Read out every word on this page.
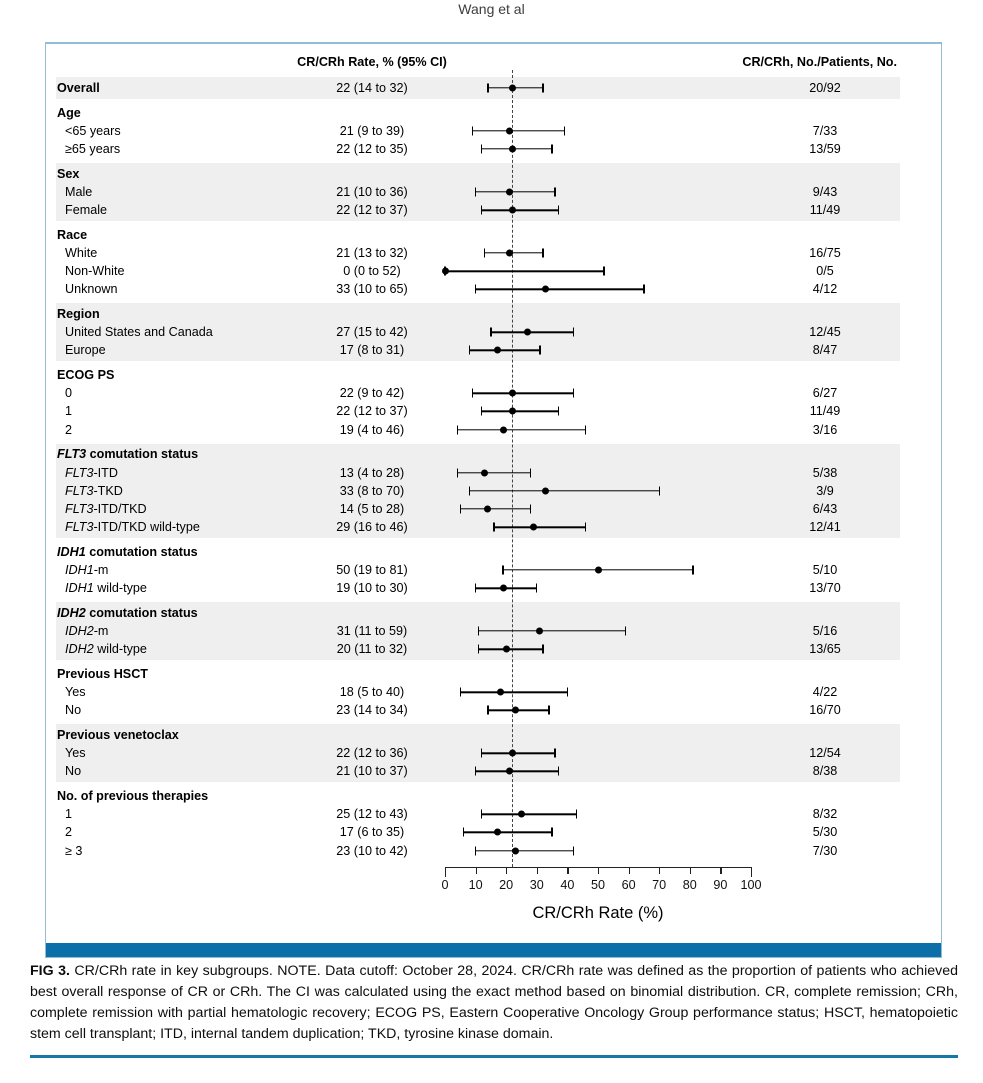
Wang et al
CR/CRh Rate, % (95% CI)	CR/CRh, No./Patients, No.
Overall	22 (14 to 32)	20/92
Age
<65 years	21 (9 to 39)	7/33
≥65 years	22 (12 to 35)	13/59
Sex
Male	21 (10 to 36)	9/43
Female	22 (12 to 37)	11/49
Race
White	21 (13 to 32)	16/75
Non-White	0 (0 to 52)	0/5
Unknown	33 (10 to 65)	4/12
Region
United States and Canada	27 (15 to 42)	12/45
Europe	17 (8 to 31)	8/47
ECOG PS
0	22 (9 to 42)	6/27
1	22 (12 to 37)	11/49
2	19 (4 to 46)	3/16
FLT3 comutation status
FLT3-ITD	13 (4 to 28)	5/38
FLT3-TKD	33 (8 to 70)	3/9
FLT3-ITD/TKD	14 (5 to 28)	6/43
FLT3-ITD/TKD wild-type	29 (16 to 46)	12/41
IDH1 comutation status
IDH1-m	50 (19 to 81)	5/10
IDH1 wild-type	19 (10 to 30)	13/70
IDH2 comutation status
IDH2-m	31 (11 to 59)	5/16
IDH2 wild-type	20 (11 to 32)	13/65
Previous HSCT
Yes	18 (5 to 40)	4/22
No	23 (14 to 34)	16/70
Previous venetoclax
Yes	22 (12 to 36)	12/54
No	21 (10 to 37)	8/38
No. of previous therapies
1	25 (12 to 43)	8/32
2	17 (6 to 35)	5/30
≥ 3	23 (10 to 42)	7/30
CR/CRh Rate (%)
0	10	20	30	40	50	60	70	80	90	100
FIG 3. CR/CRh rate in key subgroups. NOTE. Data cutoff: October 28, 2024. CR/CRh rate was defined as the proportion of patients who achieved best overall response of CR or CRh. The CI was calculated using the exact method based on binomial distribution. CR, complete remission; CRh, complete remission with partial hematologic recovery; ECOG PS, Eastern Cooperative Oncology Group performance status; HSCT, hematopoietic stem cell transplant; ITD, internal tandem duplication; TKD, tyrosine kinase domain.
